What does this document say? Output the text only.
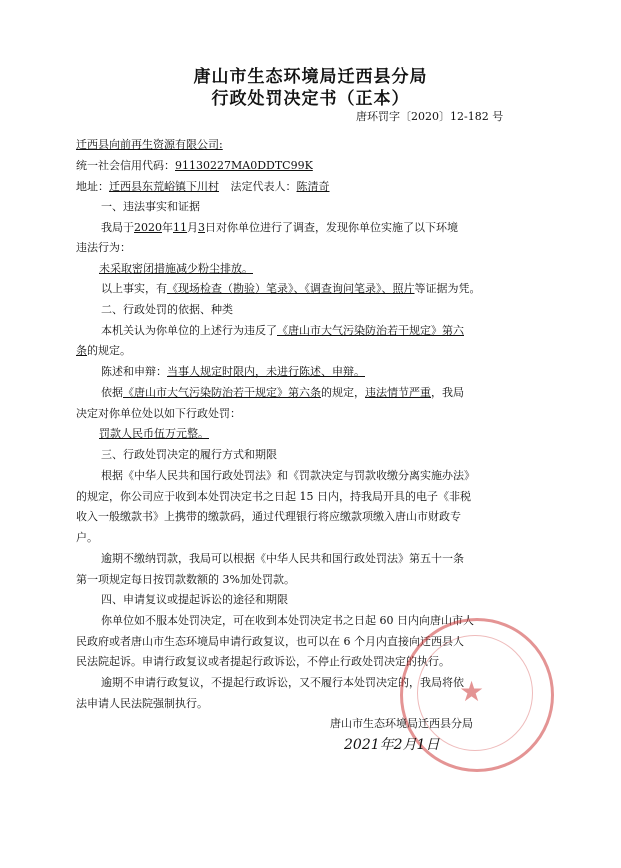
唐山市生态环境局迁西县分局
行政处罚决定书（正本）
唐环罚字〔2020〕12-182 号
迁西县向前再生资源有限公司:
统一社会信用代码：91130227MA0DDTC99K
地址：迁西县东荒峪镇下川村 法定代表人：陈清奇
一、违法事实和证据
我局于2020年11月3日对你单位进行了调查，发现你单位实施了以下环境
违法行为：
未采取密闭措施减少粉尘排放。
以上事实，有《现场检查（勘验）笔录》、《调查询问笔录》、照片等证据为凭。
二、行政处罚的依据、种类
本机关认为你单位的上述行为违反了《唐山市大气污染防治若干规定》第六
条的规定。
陈述和申辩：当事人规定时限内，未进行陈述、申辩。
依据《唐山市大气污染防治若干规定》第六条的规定，违法情节严重，我局
决定对你单位处以如下行政处罚：
罚款人民币伍万元整。
三、行政处罚决定的履行方式和期限
根据《中华人民共和国行政处罚法》和《罚款决定与罚款收缴分离实施办法》
的规定，你公司应于收到本处罚决定书之日起 15 日内，持我局开具的电子《非税
收入一般缴款书》上携带的缴款码，通过代理银行将应缴款项缴入唐山市财政专
户。
逾期不缴纳罚款，我局可以根据《中华人民共和国行政处罚法》第五十一条
第一项规定每日按罚款数额的 3%加处罚款。
四、申请复议或提起诉讼的途径和期限
你单位如不服本处罚决定，可在收到本处罚决定书之日起 60 日内向唐山市人
民政府或者唐山市生态环境局申请行政复议，也可以在 6 个月内直接向迁西县人
民法院起诉。申请行政复议或者提起行政诉讼，不停止行政处罚决定的执行。
逾期不申请行政复议，不提起行政诉讼，又不履行本处罚决定的，我局将依
法申请人民法院强制执行。	★
唐山市生态环境局迁西县分局
2021年2月1日
